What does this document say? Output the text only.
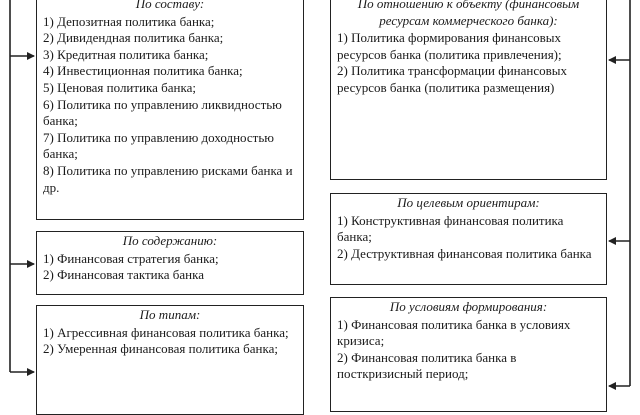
По составу:
1) Депозитная политика банка;
2) Дивидендная политика банка;
3) Кредитная политика банка;
4) Инвестиционная политика банка;
5) Ценовая политика банка;
6) Политика по управлению ликвидностью банка;
7) Политика по управлению доходностью банка;
8) Политика по управлению рисками банка и др.
По содержанию:
1) Финансовая стратегия банка;
2) Финансовая тактика банка
По типам:
1) Агрессивная финансовая политика банка;
2) Умеренная финансовая политика банка;
По отношению к объекту (финансовым ресурсам коммерческого банка):
1) Политика формирования финансовых ресурсов банка (политика привлечения);
2) Политика трансформации финансовых ресурсов банка (политика размещения)
По целевым ориентирам:
1) Конструктивная финансовая политика банка;
2) Деструктивная финансовая политика банка
По условиям формирования:
1) Финансовая политика банка в условиях кризиса;
2) Финансовая политика банка в посткризисный период;
